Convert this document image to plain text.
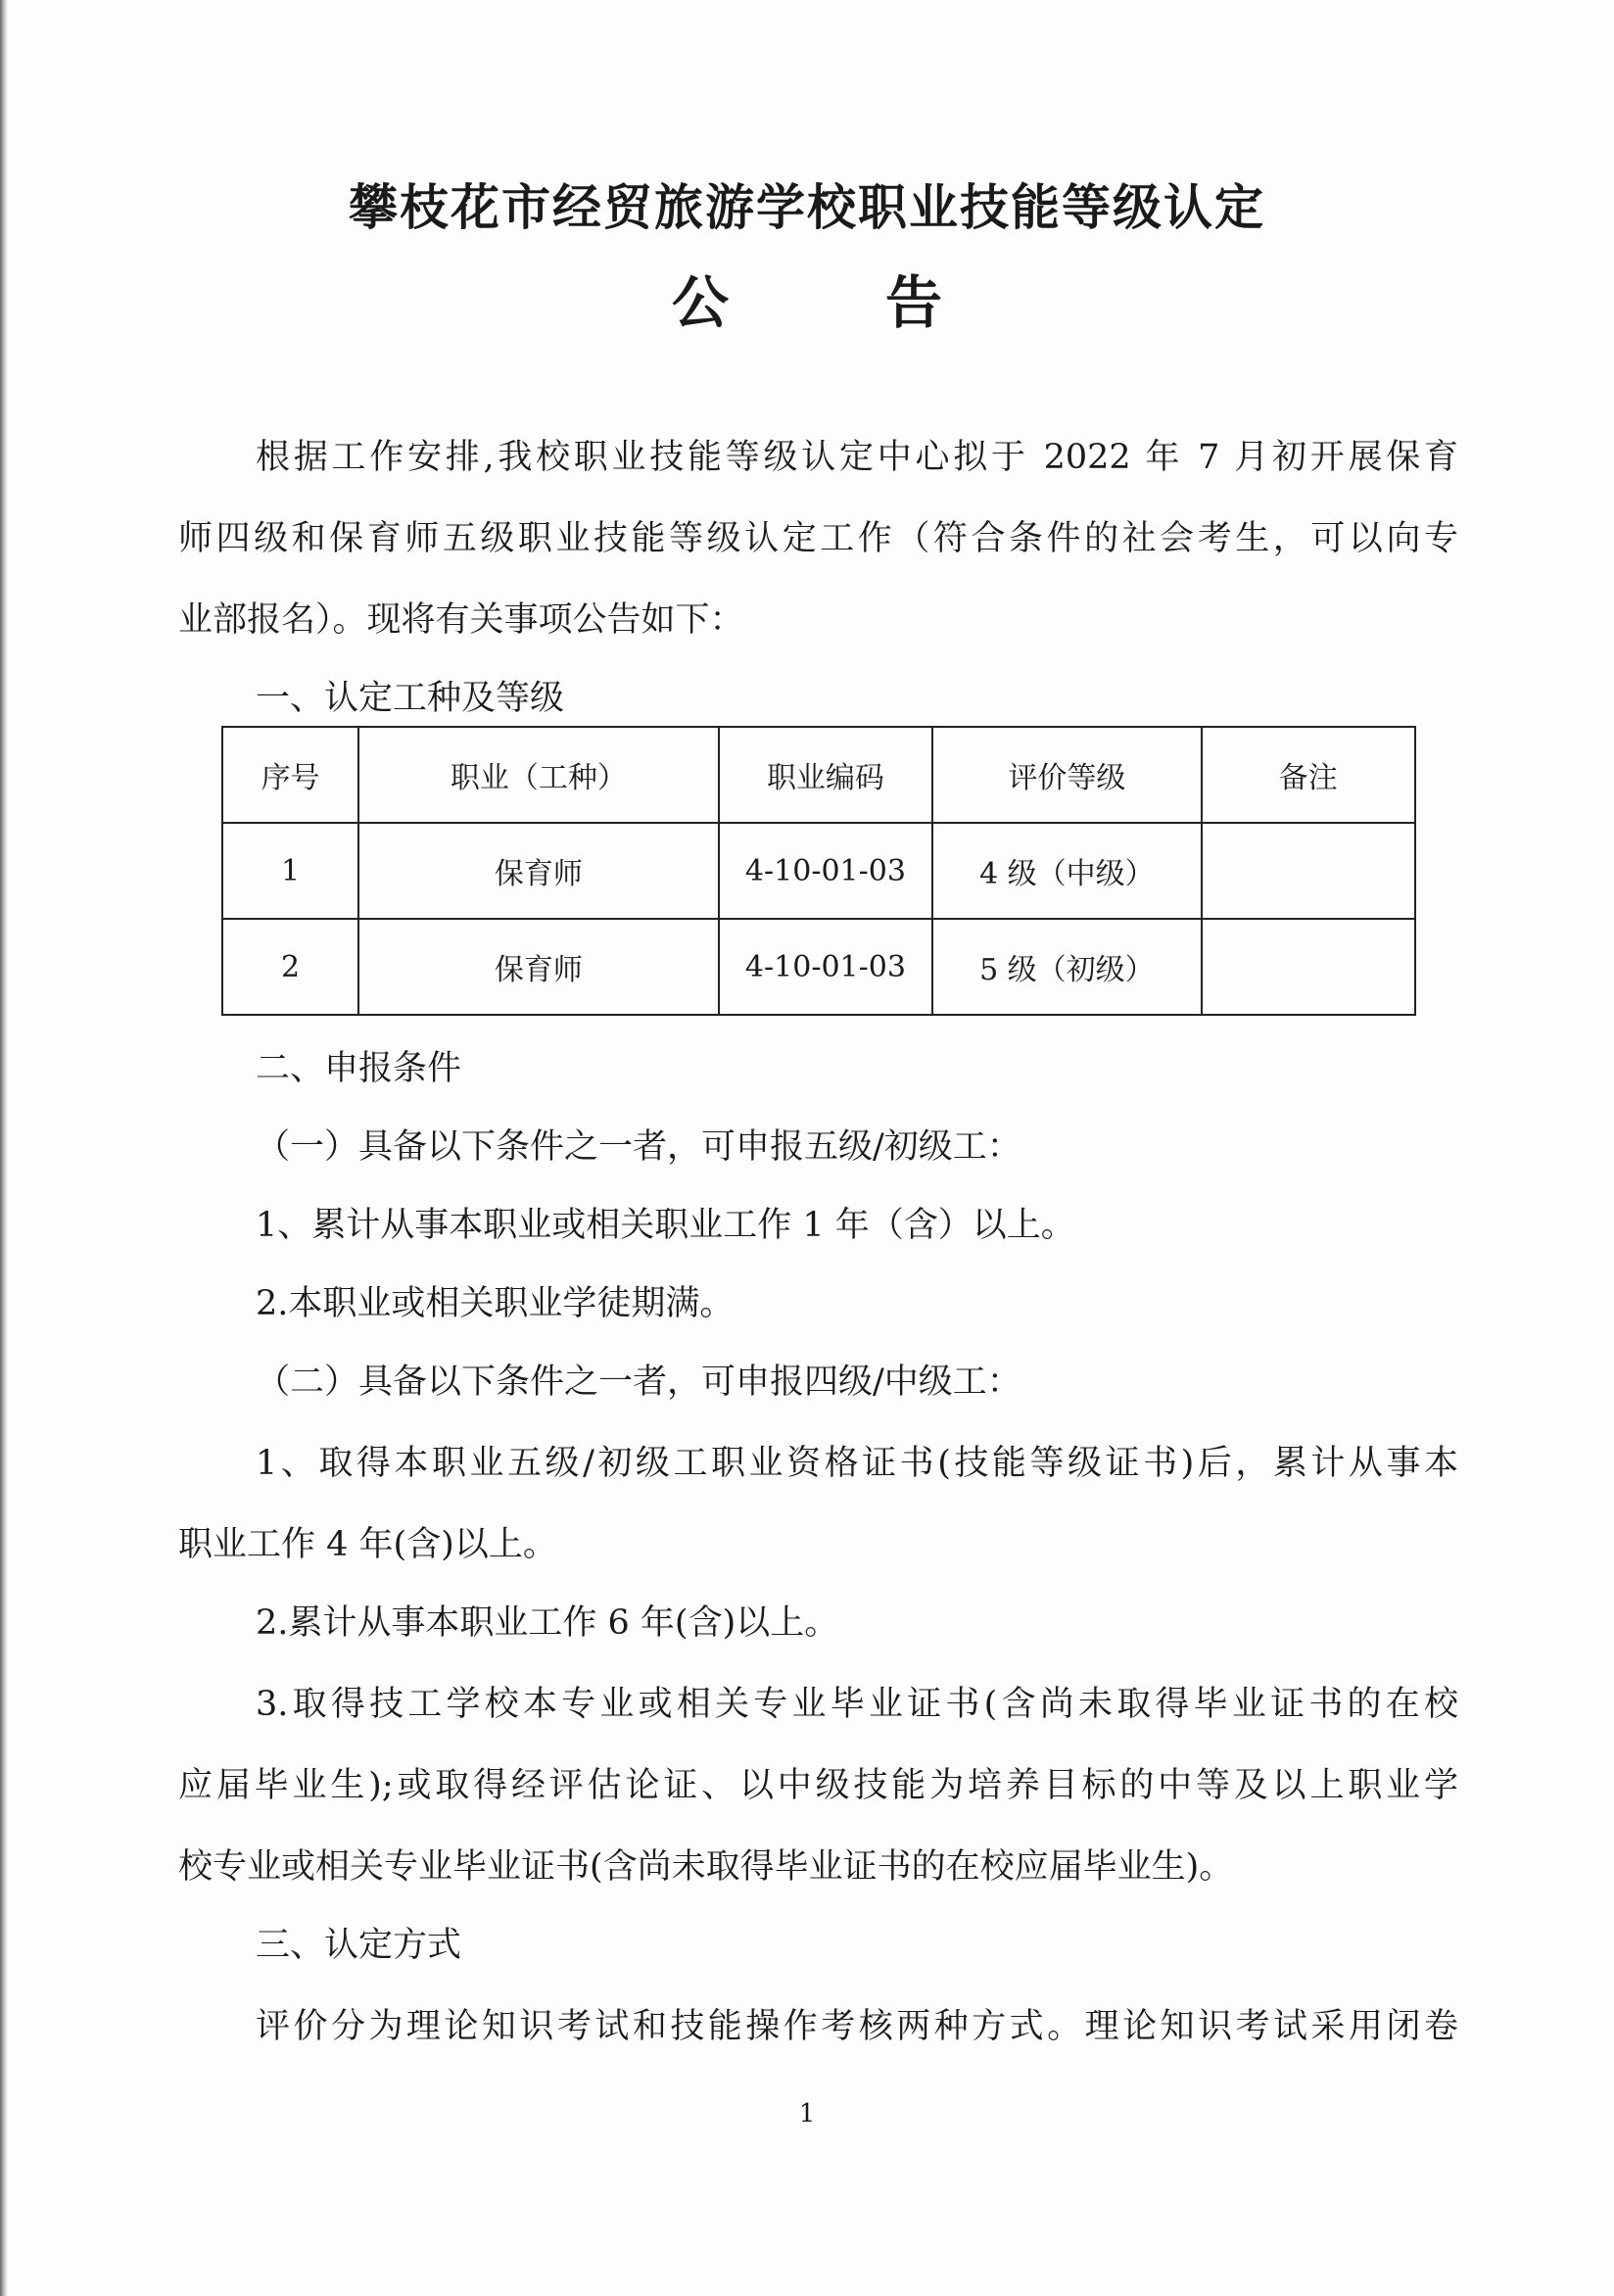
攀枝花市经贸旅游学校职业技能等级认定
公告
根据工作安排,我校职业技能等级认定中心拟于 2022 年 7 月初开展保育
师四级和保育师五级职业技能等级认定工作（符合条件的社会考生，可以向专
业部报名）。现将有关事项公告如下：
一、认定工种及等级
序号	职业（工种）	职业编码	评价等级	备注
1	保育师	4-10-01-03	4 级（中级）	
2	保育师	4-10-01-03	5 级（初级）	
二、申报条件
（一）具备以下条件之一者，可申报五级/初级工：
1、累计从事本职业或相关职业工作 1 年（含）以上。
2.本职业或相关职业学徒期满。
（二）具备以下条件之一者，可申报四级/中级工：
1、取得本职业五级/初级工职业资格证书(技能等级证书)后，累计从事本
职业工作 4 年(含)以上。
2.累计从事本职业工作 6 年(含)以上。
3.取得技工学校本专业或相关专业毕业证书(含尚未取得毕业证书的在校
应届毕业生);或取得经评估论证、以中级技能为培养目标的中等及以上职业学
校专业或相关专业毕业证书(含尚未取得毕业证书的在校应届毕业生)。
三、认定方式
评价分为理论知识考试和技能操作考核两种方式。理论知识考试采用闭卷
1
